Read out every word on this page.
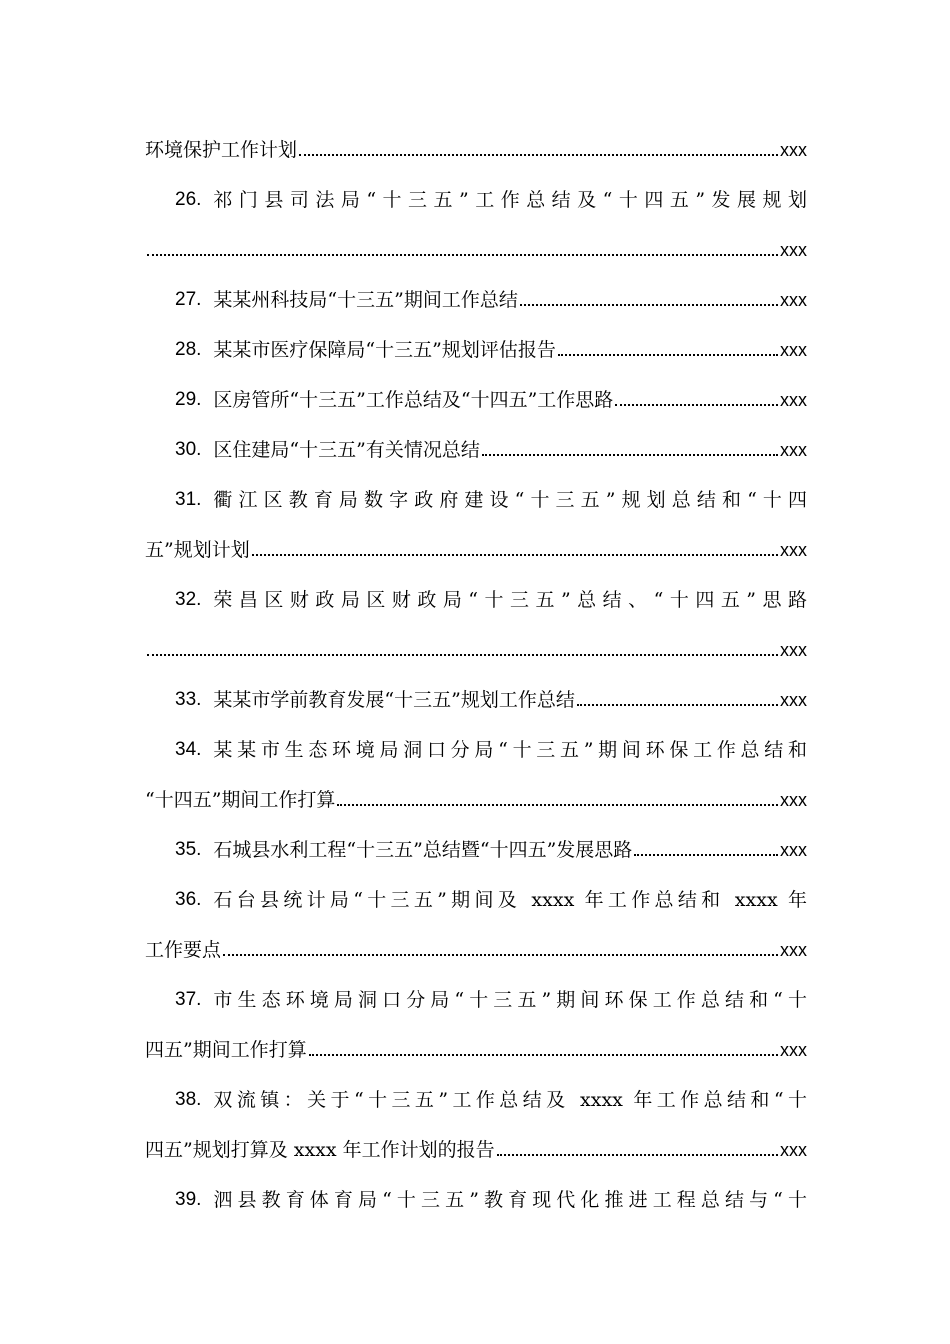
环境保护工作计划	xxx
26. 祁门县司法局“十三五”工作总结及“十四五”发展规划
xxx
27. 某某州科技局“十三五”期间工作总结	xxx
28. 某某市医疗保障局“十三五”规划评估报告	xxx
29. 区房管所“十三五”工作总结及“十四五”工作思路	xxx
30. 区住建局“十三五”有关情况总结	xxx
31. 衢江区教育局数字政府建设“十三五”规划总结和“十四
五”规划计划	xxx
32. 荣昌区财政局区财政局“十三五”总结、“十四五”思路
xxx
33. 某某市学前教育发展“十三五”规划工作总结	xxx
34. 某某市生态环境局洞口分局“十三五”期间环保工作总结和
“十四五”期间工作打算	xxx
35. 石城县水利工程“十三五”总结暨“十四五”发展思路	xxx
36. 石台县统计局“十三五”期间及 xxxx 年工作总结和 xxxx 年
工作要点	xxx
37. 市生态环境局洞口分局“十三五”期间环保工作总结和“十
四五”期间工作打算	xxx
38. 双流镇：关于“十三五”工作总结及 xxxx 年工作总结和“十
四五”规划打算及 xxxx 年工作计划的报告	xxx
39. 泗县教育体育局“十三五”教育现代化推进工程总结与“十
